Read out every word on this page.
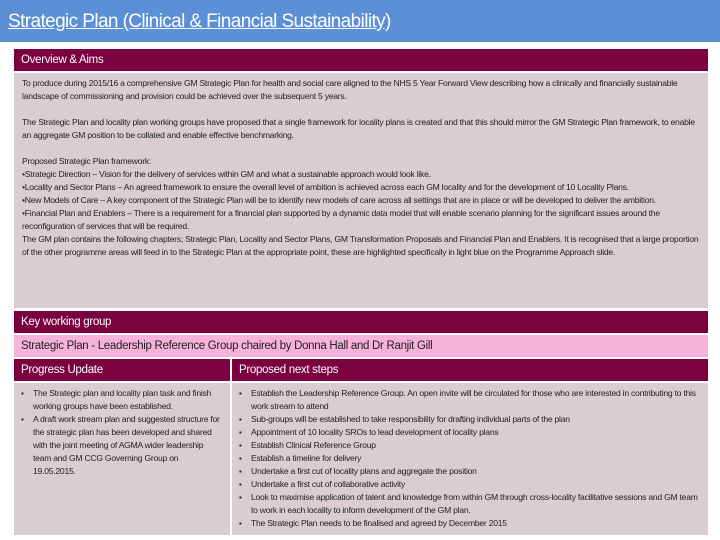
Strategic Plan (Clinical & Financial Sustainability)
Overview & Aims

To produce during 2015/16 a comprehensive GM Strategic Plan for health and social care aligned to the NHS 5 Year Forward View describing how a clinically and financially sustainable landscape of commissioning and provision could be achieved over the subsequent 5 years.

The Strategic Plan and locality plan working groups have proposed that a single framework for locality plans is created and that this should mirror the GM Strategic Plan framework, to enable an aggregate GM position to be collated and enable effective benchmarking.

Proposed Strategic Plan framework:

•Strategic Direction – Vision for the delivery of services within GM and what a sustainable approach would look like.

•Locality and Sector Plans – An agreed framework to ensure the overall level of ambition is achieved across each GM locality and for the development of 10 Locality Plans.

•New Models of Care – A key component of the Strategic Plan will be to identify new models of care across all settings that are in place or will be developed to deliver the ambition.

•Financial Plan and Enablers – There is a requirement for a financial plan supported by a dynamic data model that will enable scenario planning for the significant issues around the reconfiguration of services that will be required.

The GM plan contains the following chapters; Strategic Plan, Locality and Sector Plans, GM Transformation Proposals and Financial Plan and Enablers. It is recognised that a large proportion of the other programme areas will feed in to the Strategic Plan at the appropriate point, these are highlighted specifically in light blue on the Programme Approach slide.

Key working group
Strategic Plan - Leadership Reference Group chaired by Donna Hall and Dr Ranjit Gill
Progress Update	Proposed next steps
▪ The Strategic plan and locality plan task and finish working groups have been established.
▪ A draft work stream plan and suggested structure for the strategic plan has been developed and shared with the joint meeting of AGMA wider leadership team and GM CCG Governing Group on 19.05.2015.
▪ Establish the Leadership Reference Group. An open invite will be circulated for those who are interested in contributing to this work stream to attend
▪ Sub-groups will be established to take responsibility for drafting individual parts of the plan
▪ Appointment of 10 locality SROs to lead development of locality plans
▪ Establish Clinical Reference Group
▪ Establish a timeline for delivery
▪ Undertake a first cut of locality plans and aggregate the position
▪ Undertake a first cut of collaborative activity
▪ Look to maximise application of talent and knowledge from within GM through cross-locality facilitative sessions and GM team to work in each locality to inform development of the GM plan.
▪ The Strategic Plan needs to be finalised and agreed by December 2015
